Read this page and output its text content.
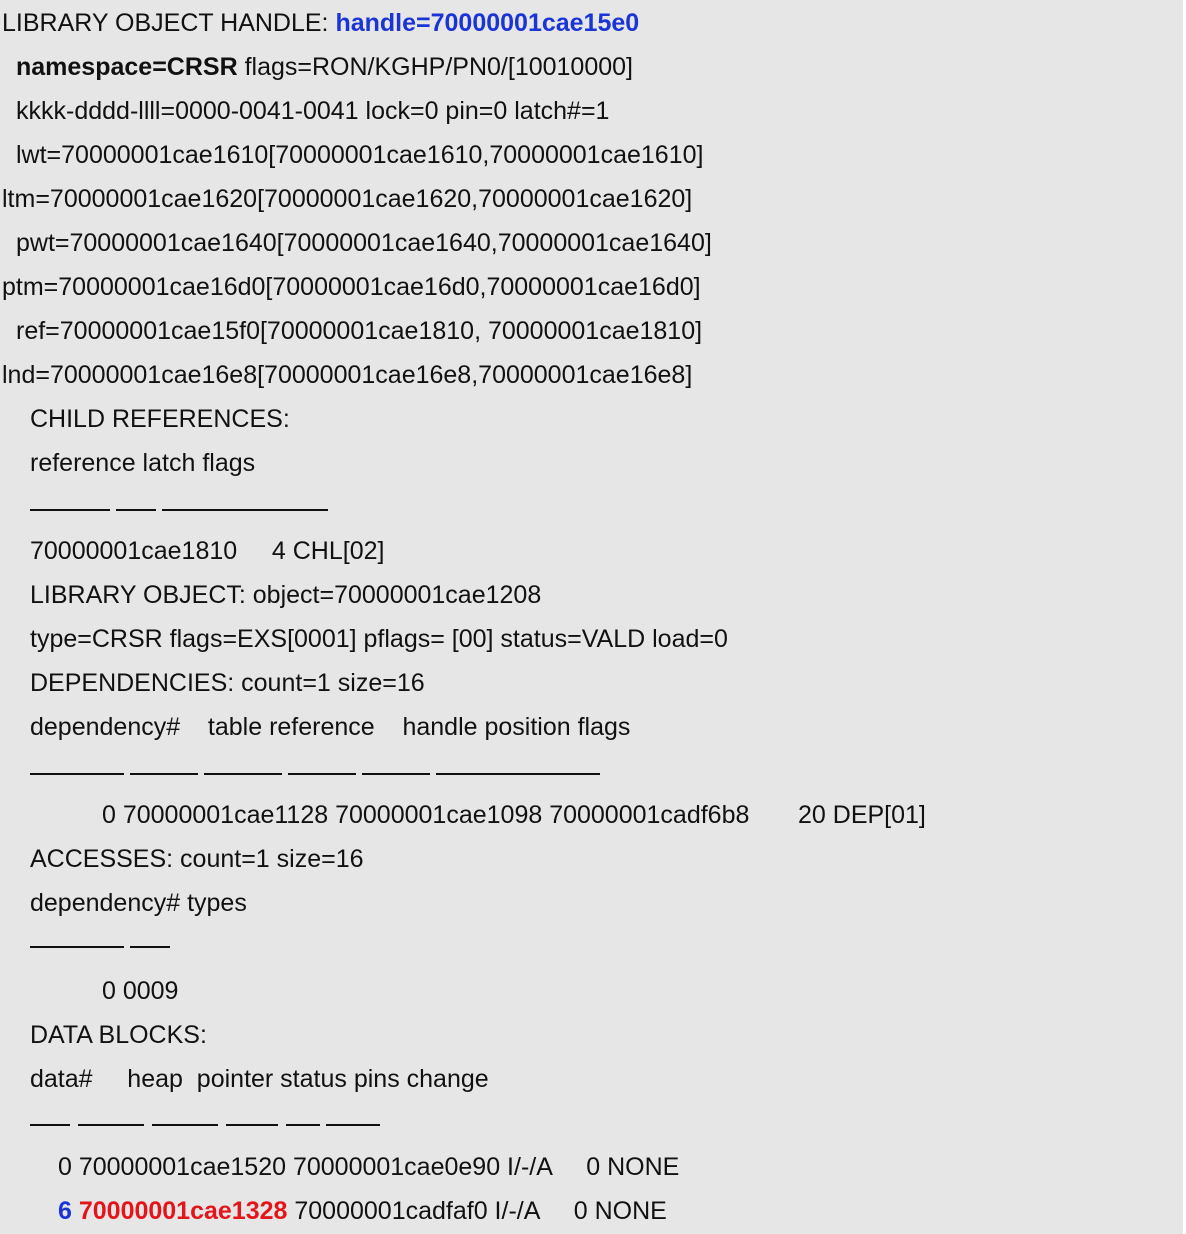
LIBRARY OBJECT HANDLE: handle=70000001cae15e0
namespace=CRSR flags=RON/KGHP/PN0/[10010000]
kkkk-dddd-llll=0000-0041-0041 lock=0 pin=0 latch#=1
lwt=70000001cae1610[70000001cae1610,70000001cae1610]
ltm=70000001cae1620[70000001cae1620,70000001cae1620]
pwt=70000001cae1640[70000001cae1640,70000001cae1640]
ptm=70000001cae16d0[70000001cae16d0,70000001cae16d0]
ref=70000001cae15f0[70000001cae1810, 70000001cae1810]
lnd=70000001cae16e8[70000001cae16e8,70000001cae16e8]
CHILD REFERENCES:
reference latch flags
70000001cae1810     4 CHL[02]
LIBRARY OBJECT: object=70000001cae1208
type=CRSR flags=EXS[0001] pflags= [00] status=VALD load=0
DEPENDENCIES: count=1 size=16
dependency#    table reference    handle position flags
0 70000001cae1128 70000001cae1098 70000001cadf6b8       20 DEP[01]
ACCESSES: count=1 size=16
dependency# types
0 0009
DATA BLOCKS:
data#     heap  pointer status pins change
0 70000001cae1520 70000001cae0e90 I/-/A     0 NONE
6 70000001cae1328 70000001cadfaf0 I/-/A     0 NONE
